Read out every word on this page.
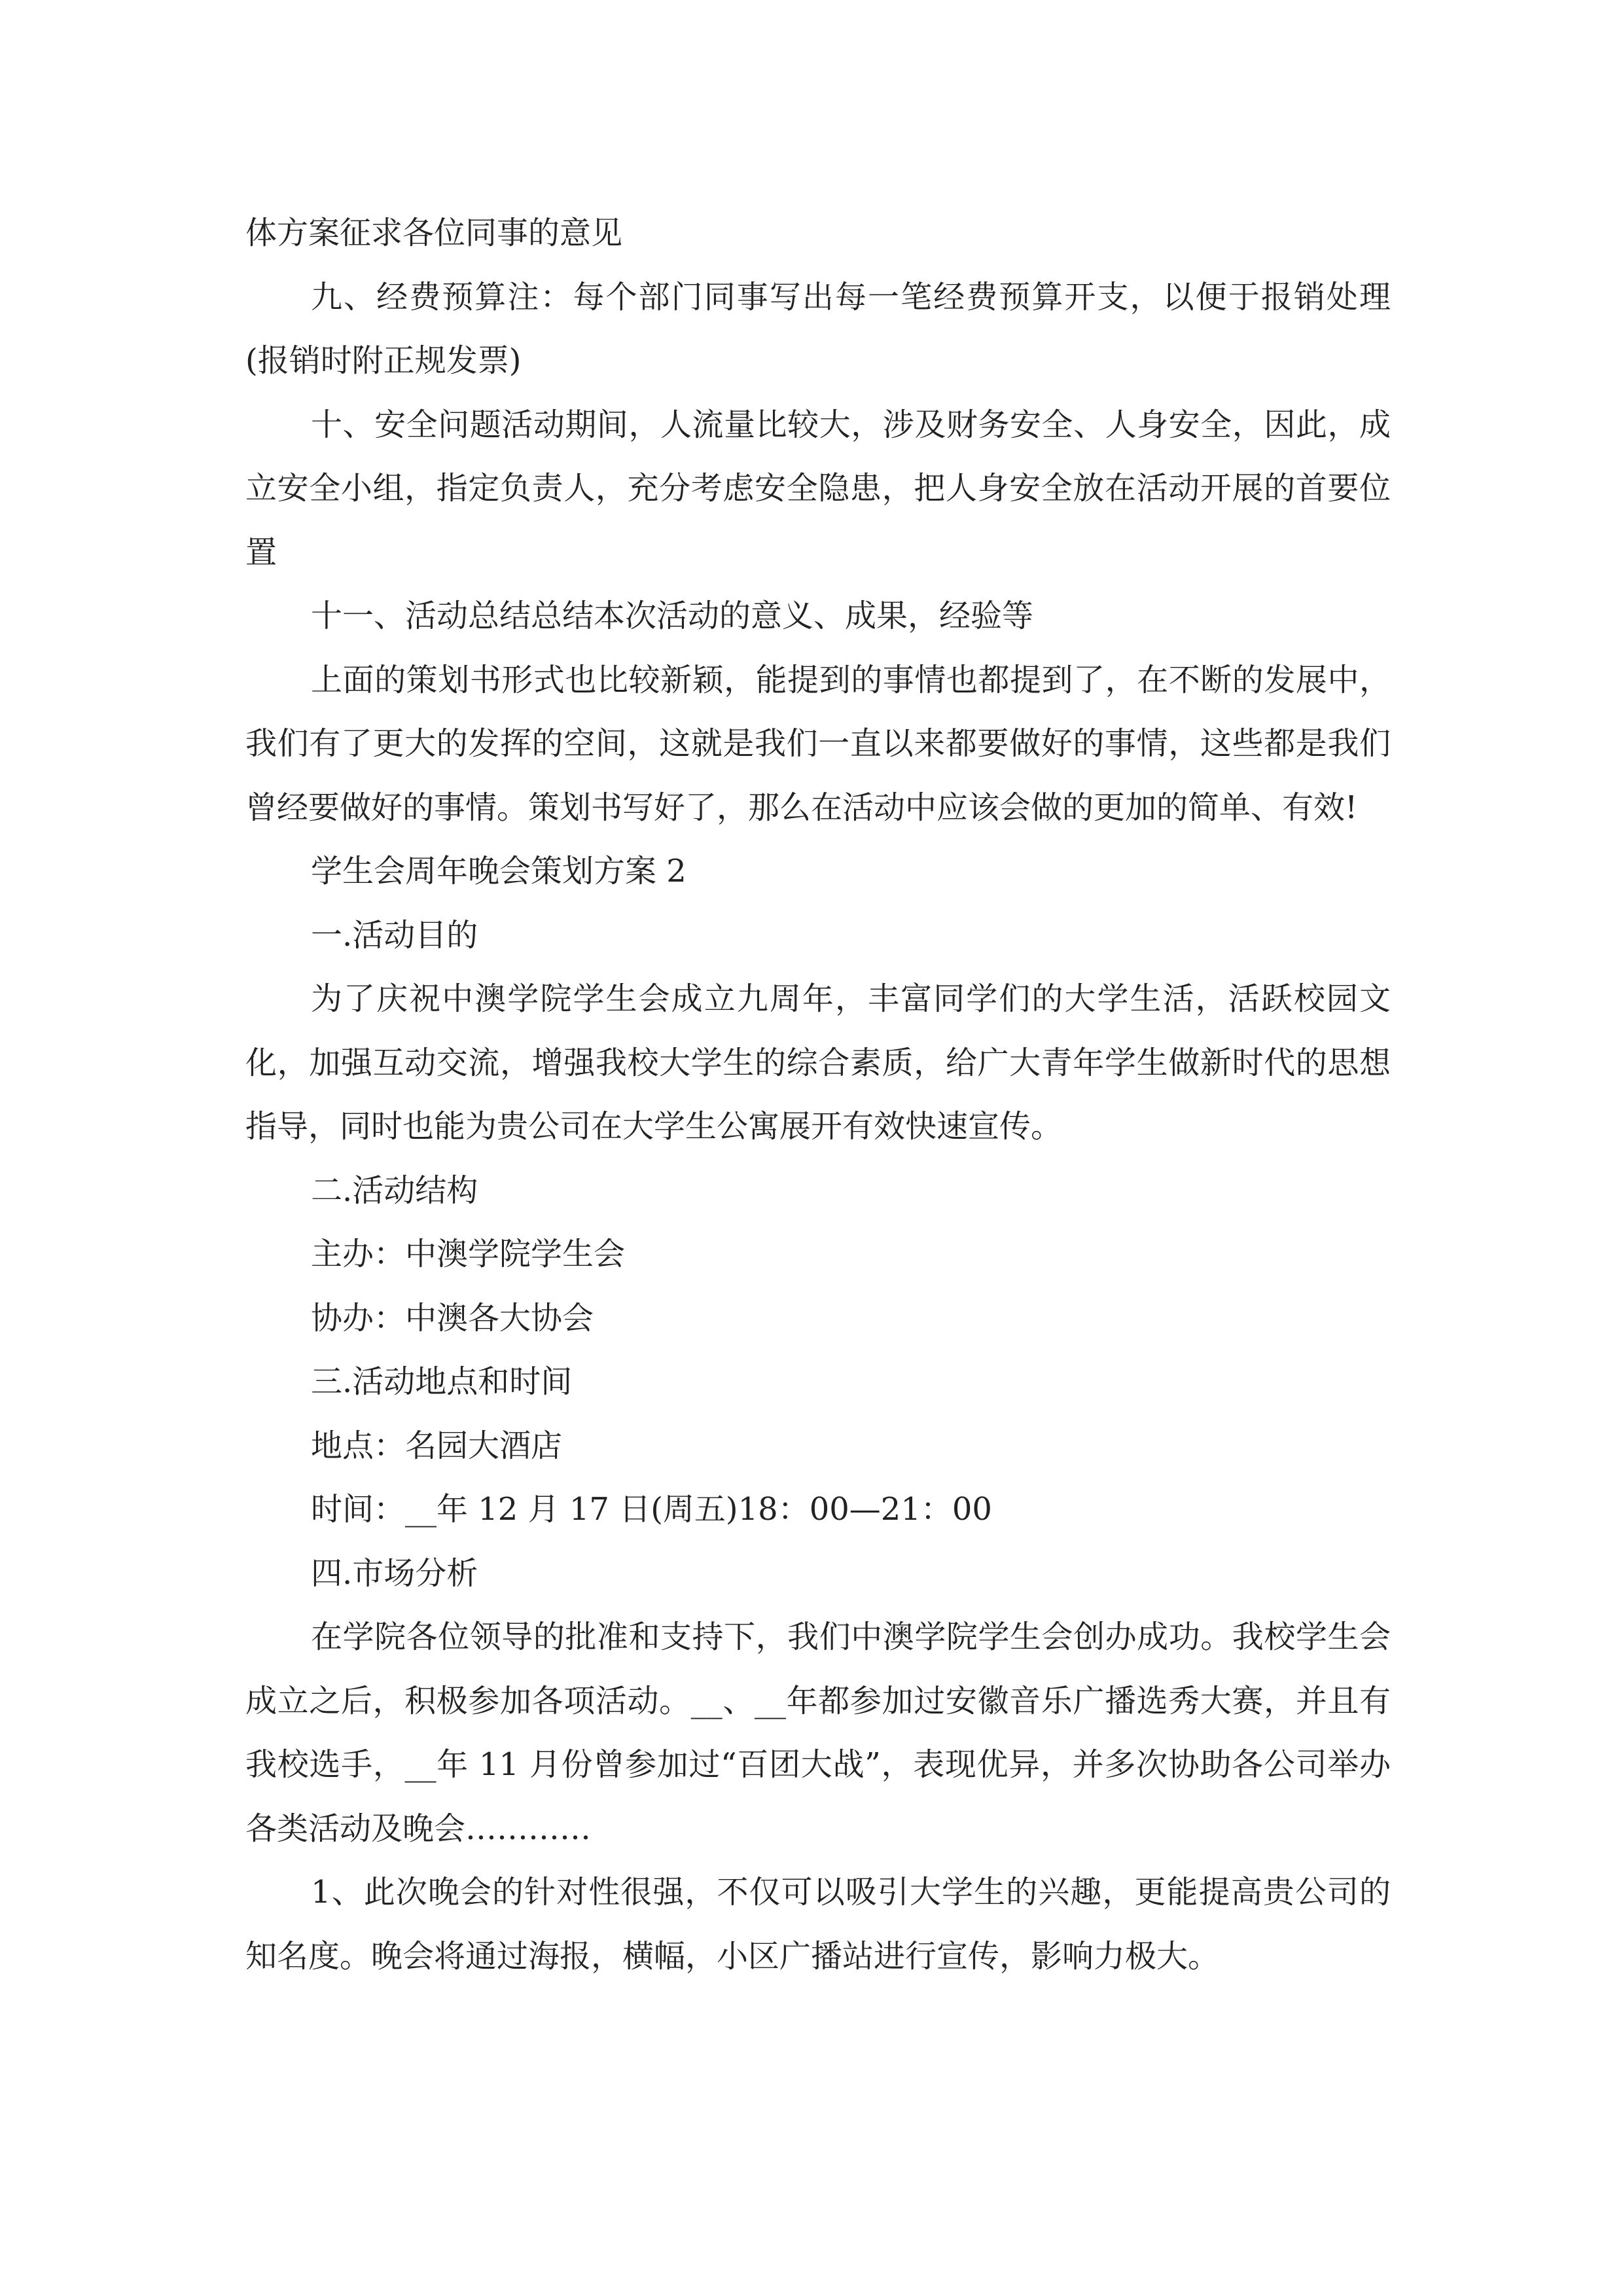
体方案征求各位同事的意见

九、经费预算注：每个部门同事写出每一笔经费预算开支，以便于报销处理(报销时附正规发票)

十、安全问题活动期间，人流量比较大，涉及财务安全、人身安全，因此，成立安全小组，指定负责人，充分考虑安全隐患，把人身安全放在活动开展的首要位置

十一、活动总结总结本次活动的意义、成果，经验等

上面的策划书形式也比较新颖，能提到的事情也都提到了，在不断的发展中，我们有了更大的发挥的空间，这就是我们一直以来都要做好的事情，这些都是我们曾经要做好的事情。策划书写好了，那么在活动中应该会做的更加的简单、有效!

学生会周年晚会策划方案 2

一.活动目的

为了庆祝中澳学院学生会成立九周年，丰富同学们的大学生活，活跃校园文化，加强互动交流，增强我校大学生的综合素质，给广大青年学生做新时代的思想指导，同时也能为贵公司在大学生公寓展开有效快速宣传。

二.活动结构

主办：中澳学院学生会

协办：中澳各大协会

三.活动地点和时间

地点：名园大酒店

时间：__年 12 月 17 日(周五)18：00—21：00

四.市场分析

在学院各位领导的批准和支持下，我们中澳学院学生会创办成功。我校学生会成立之后，积极参加各项活动。__、__年都参加过安徽音乐广播选秀大赛，并且有我校选手，__年 11 月份曾参加过“百团大战”，表现优异，并多次协助各公司举办各类活动及晚会…………

1、此次晚会的针对性很强，不仅可以吸引大学生的兴趣，更能提高贵公司的知名度。晚会将通过海报，横幅，小区广播站进行宣传，影响力极大。
